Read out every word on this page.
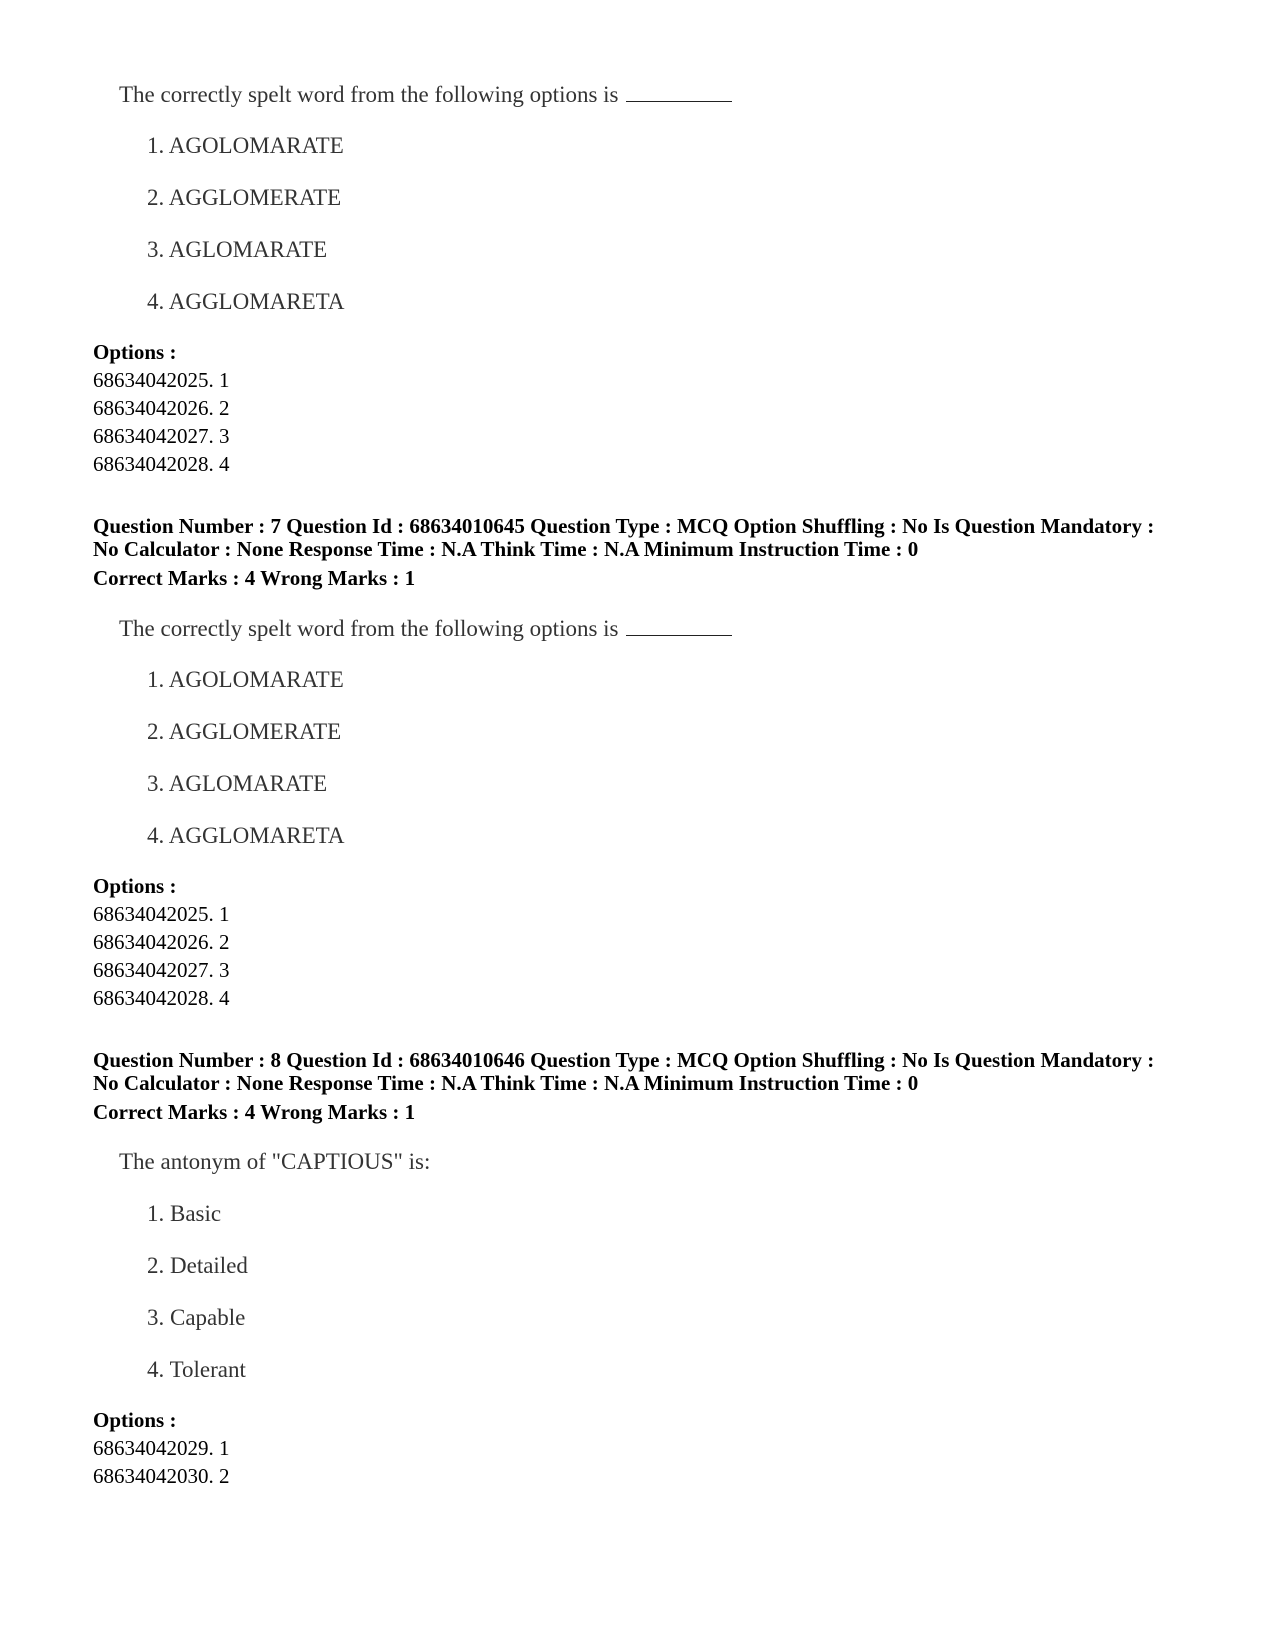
The correctly spelt word from the following options is
1. AGOLOMARATE
2. AGGLOMERATE
3. AGLOMARATE
4. AGGLOMARETA
Options :
68634042025. 1
68634042026. 2
68634042027. 3
68634042028. 4
Question Number : 7 Question Id : 68634010645 Question Type : MCQ Option Shuffling : No Is Question Mandatory :
No Calculator : None Response Time : N.A Think Time : N.A Minimum Instruction Time : 0
Correct Marks : 4 Wrong Marks : 1
The correctly spelt word from the following options is
1. AGOLOMARATE
2. AGGLOMERATE
3. AGLOMARATE
4. AGGLOMARETA
Options :
68634042025. 1
68634042026. 2
68634042027. 3
68634042028. 4
Question Number : 8 Question Id : 68634010646 Question Type : MCQ Option Shuffling : No Is Question Mandatory :
No Calculator : None Response Time : N.A Think Time : N.A Minimum Instruction Time : 0
Correct Marks : 4 Wrong Marks : 1
The antonym of "CAPTIOUS" is:
1. Basic
2. Detailed
3. Capable
4. Tolerant
Options :
68634042029. 1
68634042030. 2
